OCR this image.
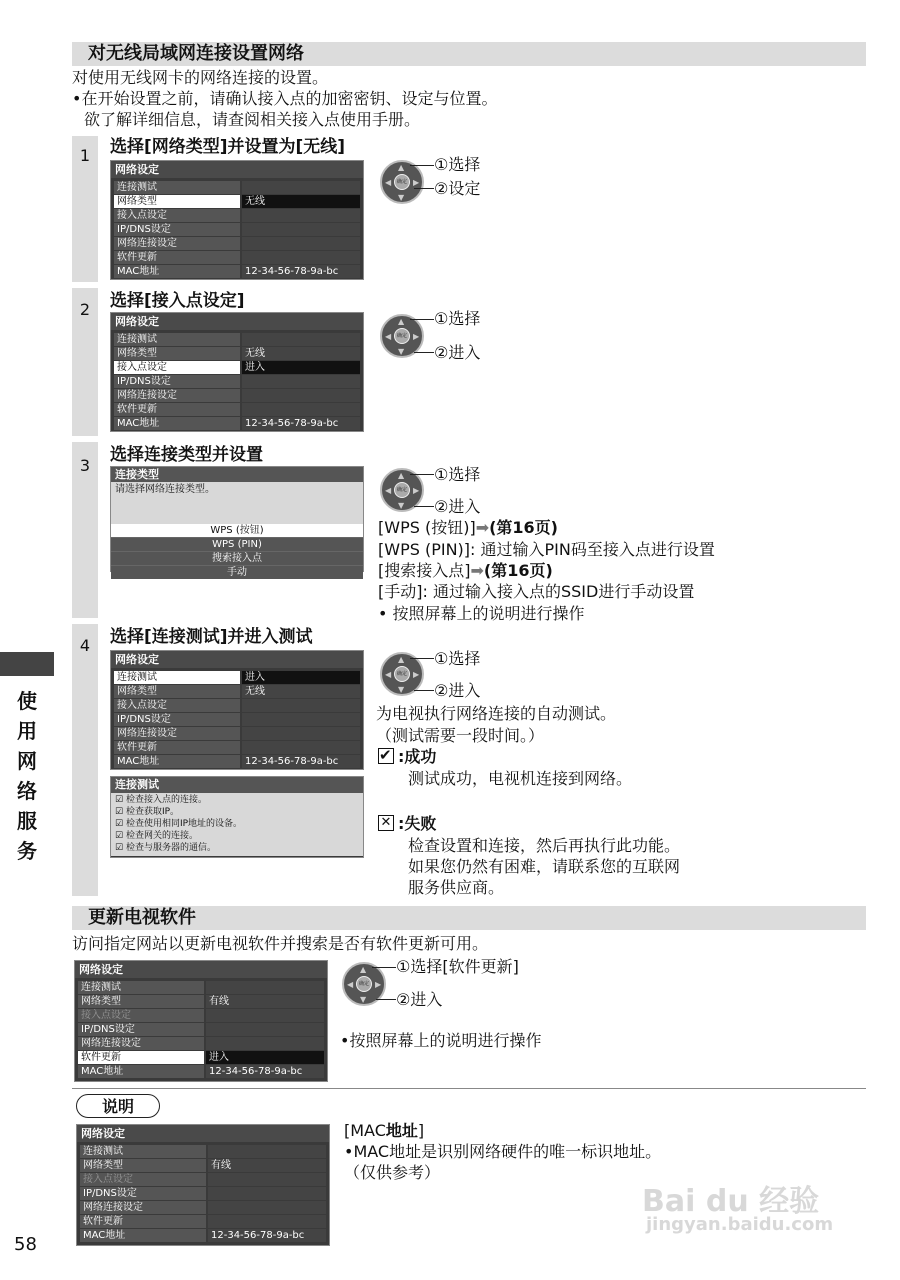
对无线局域网连接设置网络
对使用无线网卡的网络连接的设置。
•在开始设置之前，请确认接入点的加密密钥、设定与位置。
欲了解详细信息，请查阅相关接入点使用手册。
1
2
3
4
选择[网络类型]并设置为[无线]
网络设定
连接测试
网络类型	无线
接入点设定
IP/DNS设定
网络连接设定
软件更新
MAC地址	12-34-56-78-9a-bc
▲
▼
◀	▶
确定
①选择
②设定
选择[接入点设定]
网络设定
连接测试
网络类型	无线
接入点设定	进入
IP/DNS设定
网络连接设定
软件更新
MAC地址	12-34-56-78-9a-bc
▲
▼
◀	▶
确定
①选择
②进入
选择连接类型并设置
连接类型
请选择网络连接类型。
WPS (按钮)
WPS (PIN)
搜索接入点
手动
▲
▼
◀	▶
确定
①选择
②进入
[WPS (按钮)]➡(第16页)
[WPS (PIN)]: 通过输入PIN码至接入点进行设置
[搜索接入点]➡(第16页)
[手动]: 通过输入接入点的SSID进行手动设置
• 按照屏幕上的说明进行操作
选择[连接测试]并进入测试
网络设定
连接测试	进入
网络类型	无线
接入点设定
IP/DNS设定
网络连接设定
软件更新
MAC地址	12-34-56-78-9a-bc
连接测试
☑ 检查接入点的连接。
☑ 检查获取IP。
☑ 检查使用相同IP地址的设备。
☑ 检查网关的连接。
☑ 检查与服务器的通信。
▲
▼
◀	▶
确定
①选择
②进入
为电视执行网络连接的自动测试。
（测试需要一段时间。）
✔ :成功
测试成功，电视机连接到网络。
✕ :失败
检查设置和连接，然后再执行此功能。
如果您仍然有困难，请联系您的互联网
服务供应商。
更新电视软件
访问指定网站以更新电视软件并搜索是否有软件更新可用。
网络设定
连接测试
网络类型	有线
接入点设定
IP/DNS设定
网络连接设定
软件更新	进入
MAC地址	12-34-56-78-9a-bc
▲
▼
◀	▶
确定
①选择[软件更新]
②进入
•按照屏幕上的说明进行操作
说明
网络设定
连接测试
网络类型	有线
接入点设定
IP/DNS设定
网络连接设定
软件更新
MAC地址	12-34-56-78-9a-bc
[MAC地址]
•MAC地址是识别网络硬件的唯一标识地址。
（仅供参考）
使用网络服务
58
Bai du 经验
jingyan.baidu.com
